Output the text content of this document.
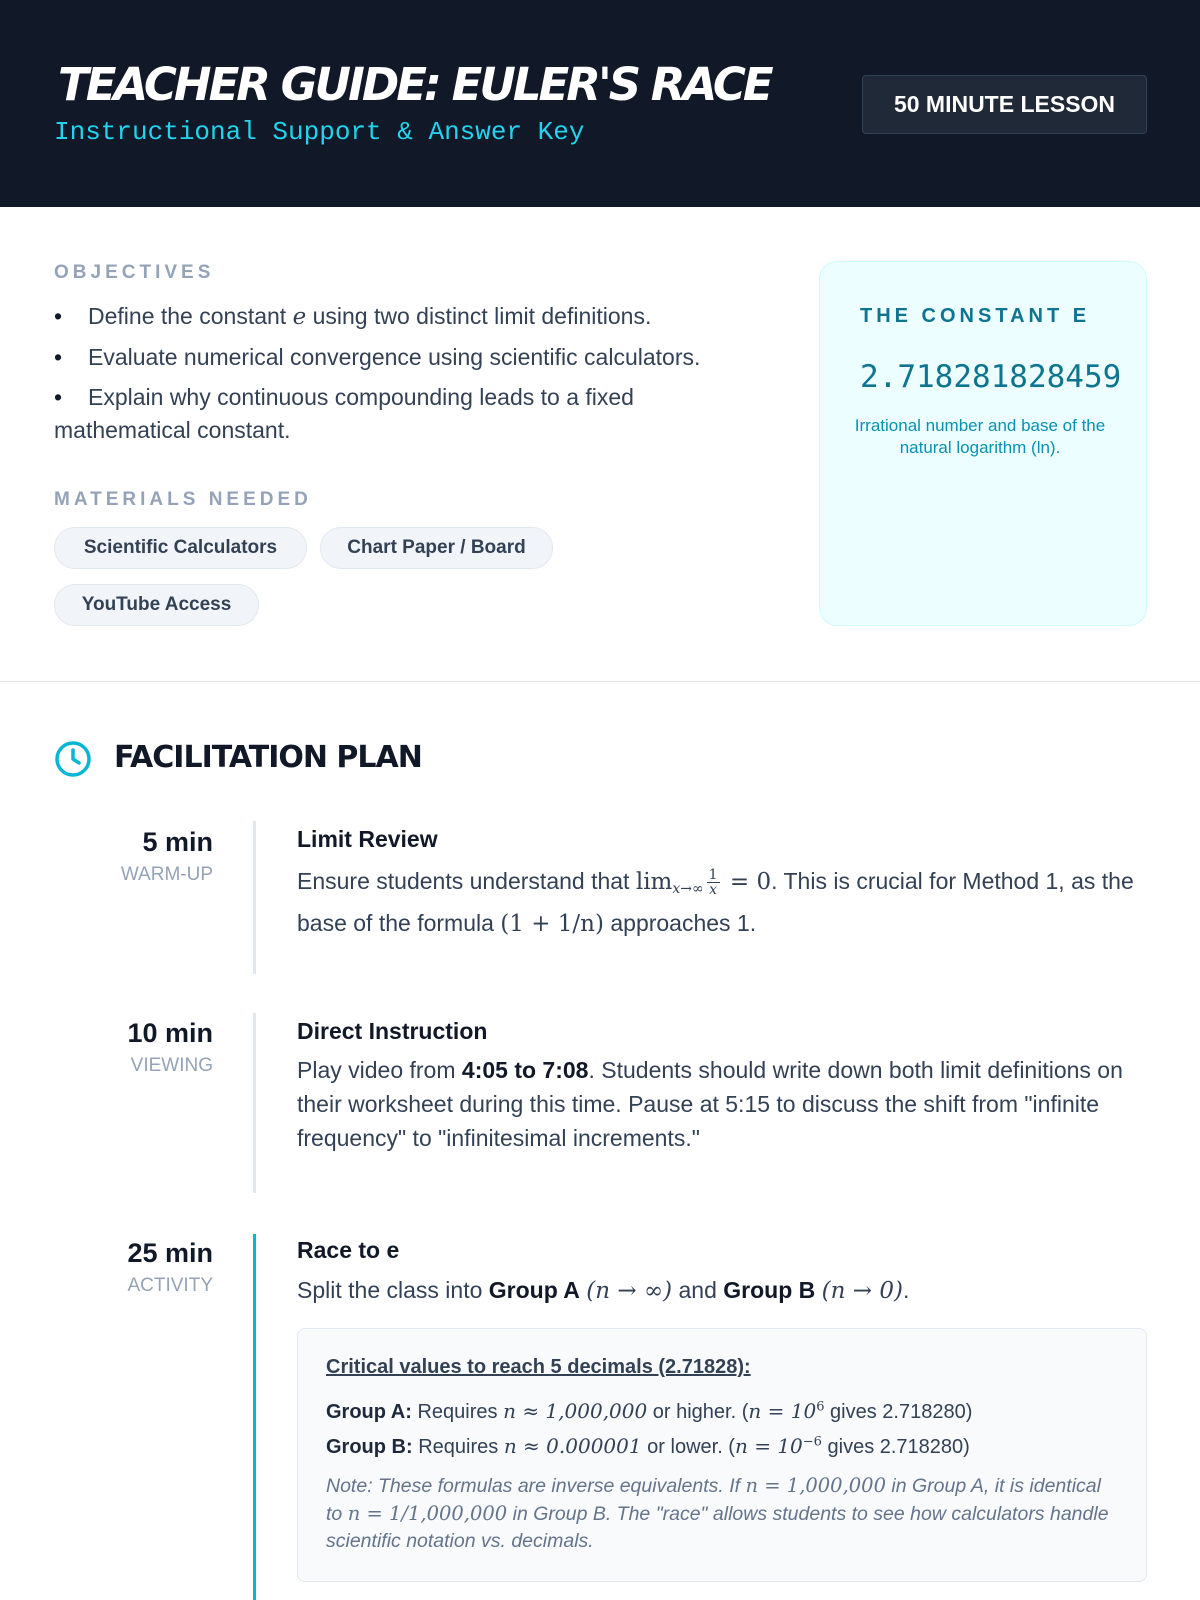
TEACHER GUIDE: EULER'S RACE
Instructional Support & Answer Key
50 MINUTE LESSON
OBJECTIVES
• Define the constant e using two distinct limit definitions.
• Evaluate numerical convergence using scientific calculators.
• Explain why continuous compounding leads to a fixed mathematical constant.
MATERIALS NEEDED
Scientific Calculators	Chart Paper / Board
YouTube Access
THE CONSTANT E
2.718281828459
Irrational number and base of the natural logarithm (ln).
FACILITATION PLAN
5 min
WARM-UP
Limit Review
Ensure students understand that $\lim_{x\to\infty} \frac{1}{x} = 0$. This is crucial for Method 1, as the base of the formula (1 + 1/n) approaches 1.
10 min
VIEWING
Direct Instruction
Play video from 4:05 to 7:08. Students should write down both limit definitions on their worksheet during this time. Pause at 5:15 to discuss the shift from "infinite frequency" to "infinitesimal increments."
25 min
ACTIVITY
Race to e
Split the class into Group A (n → ∞) and Group B (n → 0).
Critical values to reach 5 decimals (2.71828):
Group A: Requires n ≈ 1,000,000 or higher. ($n = 10^6$ gives 2.718280)
Group B: Requires n ≈ 0.000001 or lower. ($n = 10^{-6}$ gives 2.718280)
Note: These formulas are inverse equivalents. If n = 1,000,000 in Group A, it is identical to n = 1/1,000,000 in Group B. The "race" allows students to see how calculators handle scientific notation vs. decimals.
